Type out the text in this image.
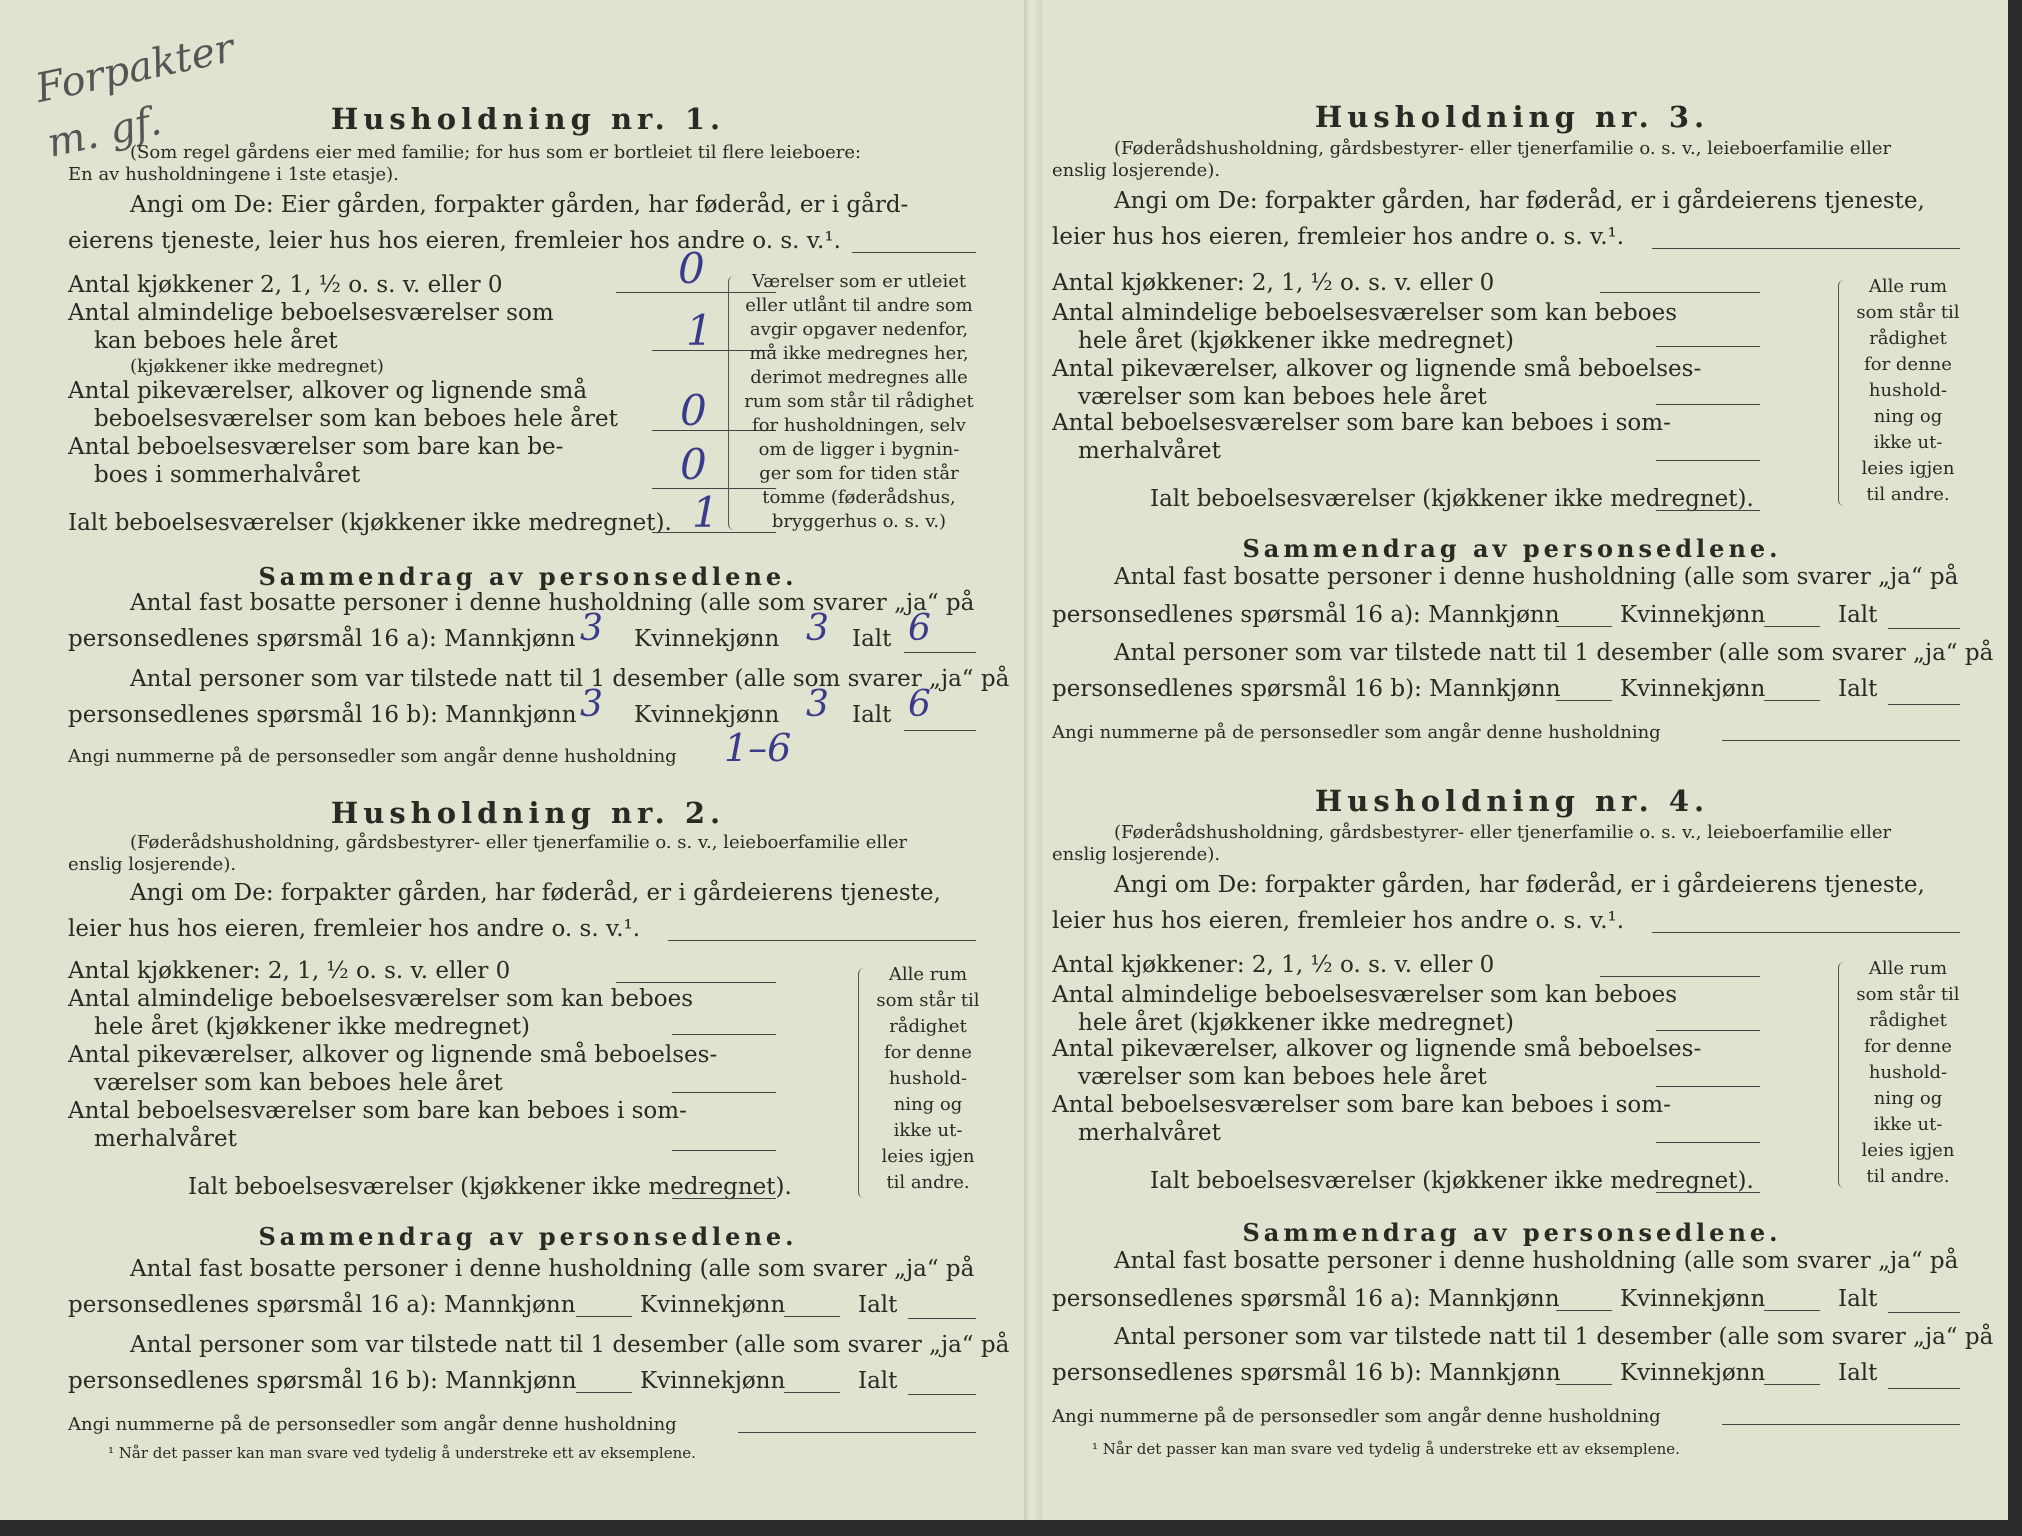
Forpakter
m. gf.	Husholdning nr. 1.
(Som regel gårdens eier med familie; for hus som er bortleiet til flere leieboere:
En av husholdningene i 1ste etasje).
Angi om De: Eier gården, forpakter gården, har føderåd, er i gård-
eierens tjeneste, leier hus hos eieren, fremleier hos andre o. s. v.¹.
Antal kjøkkener 2, 1, ½ o. s. v. eller 0	0
Antal almindelige beboelsesværelser som
kan beboes hele året
(kjøkkener ikke medregnet)
1
Antal pikeværelser, alkover og lignende små
beboelsesværelser som kan beboes hele året 0
Antal beboelsesværelser som bare kan be-
boes i sommerhalvåret	0
Ialt beboelsesværelser (kjøkkener ikke medregnet). 1
Værelser som er utleiet
eller utlånt til andre som
avgir opgaver nedenfor,
må ikke medregnes her,
derimot medregnes alle
rum som står til rådighet
for husholdningen, selv
om de ligger i bygnin-
ger som for tiden står
tomme (føderådshus,
bryggerhus o. s. v.)
Sammendrag av personsedlene.
Antal fast bosatte personer i denne husholdning (alle som svarer „ja“ på
personsedlenes spørsmål 16 a): Mannkjønn 3 Kvinnekjønn 3 Ialt 6
Antal personer som var tilstede natt til 1 desember (alle som svarer „ja“ på
personsedlenes spørsmål 16 b): Mannkjønn 3 Kvinnekjønn 3 Ialt 6
Angi nummerne på de personsedler som angår denne husholdning 1–6
Husholdning nr. 2.
(Føderådshusholdning, gårdsbestyrer- eller tjenerfamilie o. s. v., leieboerfamilie eller
enslig losjerende).
Angi om De: forpakter gården, har føderåd, er i gårdeierens tjeneste,
leier hus hos eieren, fremleier hos andre o. s. v.¹.
Antal kjøkkener: 2, 1, ½ o. s. v. eller 0
Antal almindelige beboelsesværelser som kan beboes
hele året (kjøkkener ikke medregnet)
Antal pikeværelser, alkover og lignende små beboelses-
værelser som kan beboes hele året
Antal beboelsesværelser som bare kan beboes i som-
merhalvåret
Ialt beboelsesværelser (kjøkkener ikke medregnet).
Alle rum
som står til
rådighet
for denne
hushold-
ning og
ikke ut-
leies igjen
til andre.
Sammendrag av personsedlene.
Antal fast bosatte personer i denne husholdning (alle som svarer „ja“ på
personsedlenes spørsmål 16 a): Mannkjønn	Kvinnekjønn	Ialt
Antal personer som var tilstede natt til 1 desember (alle som svarer „ja“ på
personsedlenes spørsmål 16 b): Mannkjønn	Kvinnekjønn	Ialt
Angi nummerne på de personsedler som angår denne husholdning
¹ Når det passer kan man svare ved tydelig å understreke ett av eksemplene.
Husholdning nr. 3.
(Føderådshusholdning, gårdsbestyrer- eller tjenerfamilie o. s. v., leieboerfamilie eller
enslig losjerende).
Angi om De: forpakter gården, har føderåd, er i gårdeierens tjeneste,
leier hus hos eieren, fremleier hos andre o. s. v.¹.
Antal kjøkkener: 2, 1, ½ o. s. v. eller 0
Antal almindelige beboelsesværelser som kan beboes
hele året (kjøkkener ikke medregnet)
Antal pikeværelser, alkover og lignende små beboelses-
værelser som kan beboes hele året
Antal beboelsesværelser som bare kan beboes i som-
merhalvåret
Ialt beboelsesværelser (kjøkkener ikke medregnet).
Alle rum
som står til
rådighet
for denne
hushold-
ning og
ikke ut-
leies igjen
til andre.
Sammendrag av personsedlene.
Antal fast bosatte personer i denne husholdning (alle som svarer „ja“ på
personsedlenes spørsmål 16 a): Mannkjønn	Kvinnekjønn	Ialt
Antal personer som var tilstede natt til 1 desember (alle som svarer „ja“ på
personsedlenes spørsmål 16 b): Mannkjønn	Kvinnekjønn	Ialt
Angi nummerne på de personsedler som angår denne husholdning
Husholdning nr. 4.
(Føderådshusholdning, gårdsbestyrer- eller tjenerfamilie o. s. v., leieboerfamilie eller
enslig losjerende).
Angi om De: forpakter gården, har føderåd, er i gårdeierens tjeneste,
leier hus hos eieren, fremleier hos andre o. s. v.¹.
Antal kjøkkener: 2, 1, ½ o. s. v. eller 0
Antal almindelige beboelsesværelser som kan beboes
hele året (kjøkkener ikke medregnet)
Antal pikeværelser, alkover og lignende små beboelses-
værelser som kan beboes hele året
Antal beboelsesværelser som bare kan beboes i som-
merhalvåret
Ialt beboelsesværelser (kjøkkener ikke medregnet).
Alle rum
som står til
rådighet
for denne
hushold-
ning og
ikke ut-
leies igjen
til andre.
Sammendrag av personsedlene.
Antal fast bosatte personer i denne husholdning (alle som svarer „ja“ på
personsedlenes spørsmål 16 a): Mannkjønn	Kvinnekjønn	Ialt
Antal personer som var tilstede natt til 1 desember (alle som svarer „ja“ på
personsedlenes spørsmål 16 b): Mannkjønn	Kvinnekjønn	Ialt
Angi nummerne på de personsedler som angår denne husholdning
¹ Når det passer kan man svare ved tydelig å understreke ett av eksemplene.
